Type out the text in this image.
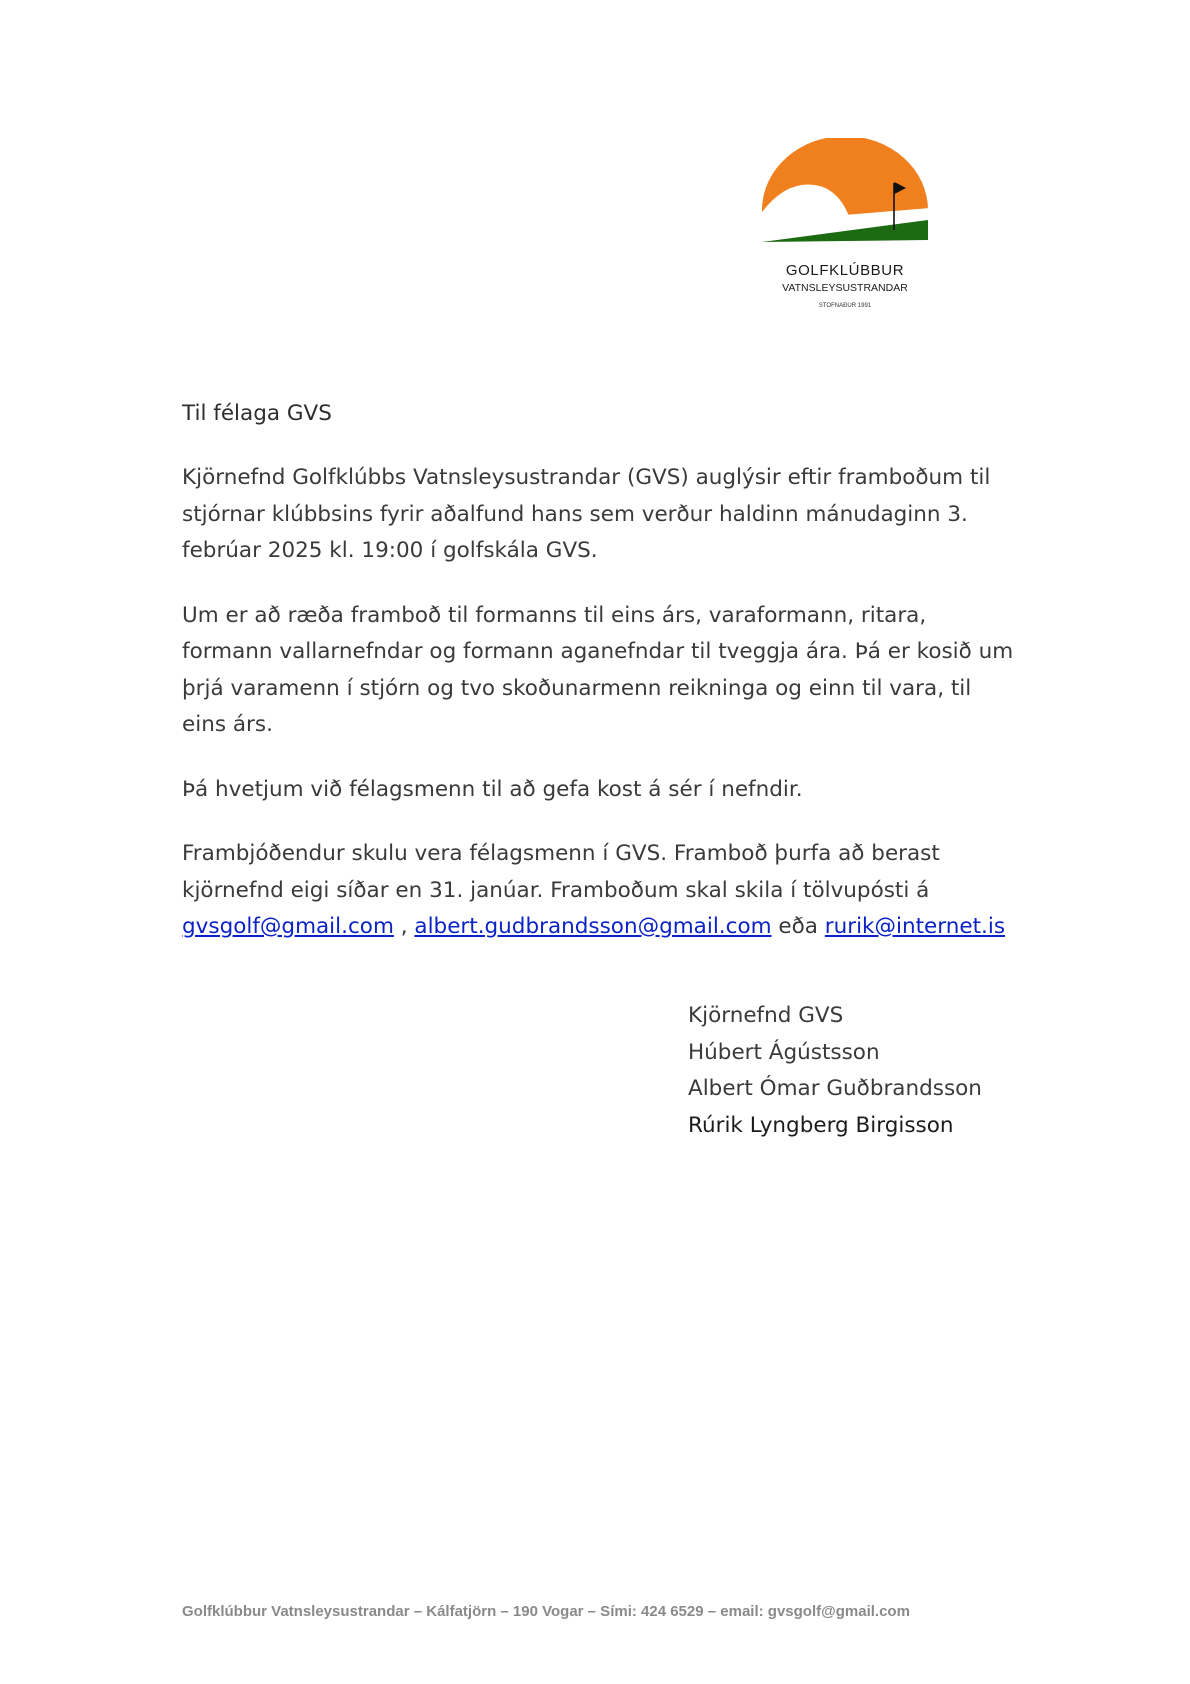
GOLFKLÚBBUR
VATNSLEYSUSTRANDAR
STOFNAÐUR 1991

Til félaga GVS

Kjörnefnd Golfklúbbs Vatnsleysustrandar (GVS) auglýsir eftir framboðum til stjórnar klúbbsins fyrir aðalfund hans sem verður haldinn mánudaginn 3. febrúar 2025 kl. 19:00 í golfskála GVS.

Um er að ræða framboð til formanns til eins árs, varaformann, ritara, formann vallarnefndar og formann aganefndar til tveggja ára. Þá er kosið um þrjá varamenn í stjórn og tvo skoðunarmenn reikninga og einn til vara, til eins árs.

Þá hvetjum við félagsmenn til að gefa kost á sér í nefndir.

Frambjóðendur skulu vera félagsmenn í GVS. Framboð þurfa að berast kjörnefnd eigi síðar en 31. janúar. Framboðum skal skila í tölvupósti á
gvsgolf@gmail.com , albert.gudbrandsson@gmail.com eða rurik@internet.is

Kjörnefnd GVS
Húbert Ágústsson
Albert Ómar Guðbrandsson
Rúrik Lyngberg Birgisson
Golfklúbbur Vatnsleysustrandar – Kálfatjörn – 190 Vogar – Sími: 424 6529 – email: gvsgolf@gmail.com
